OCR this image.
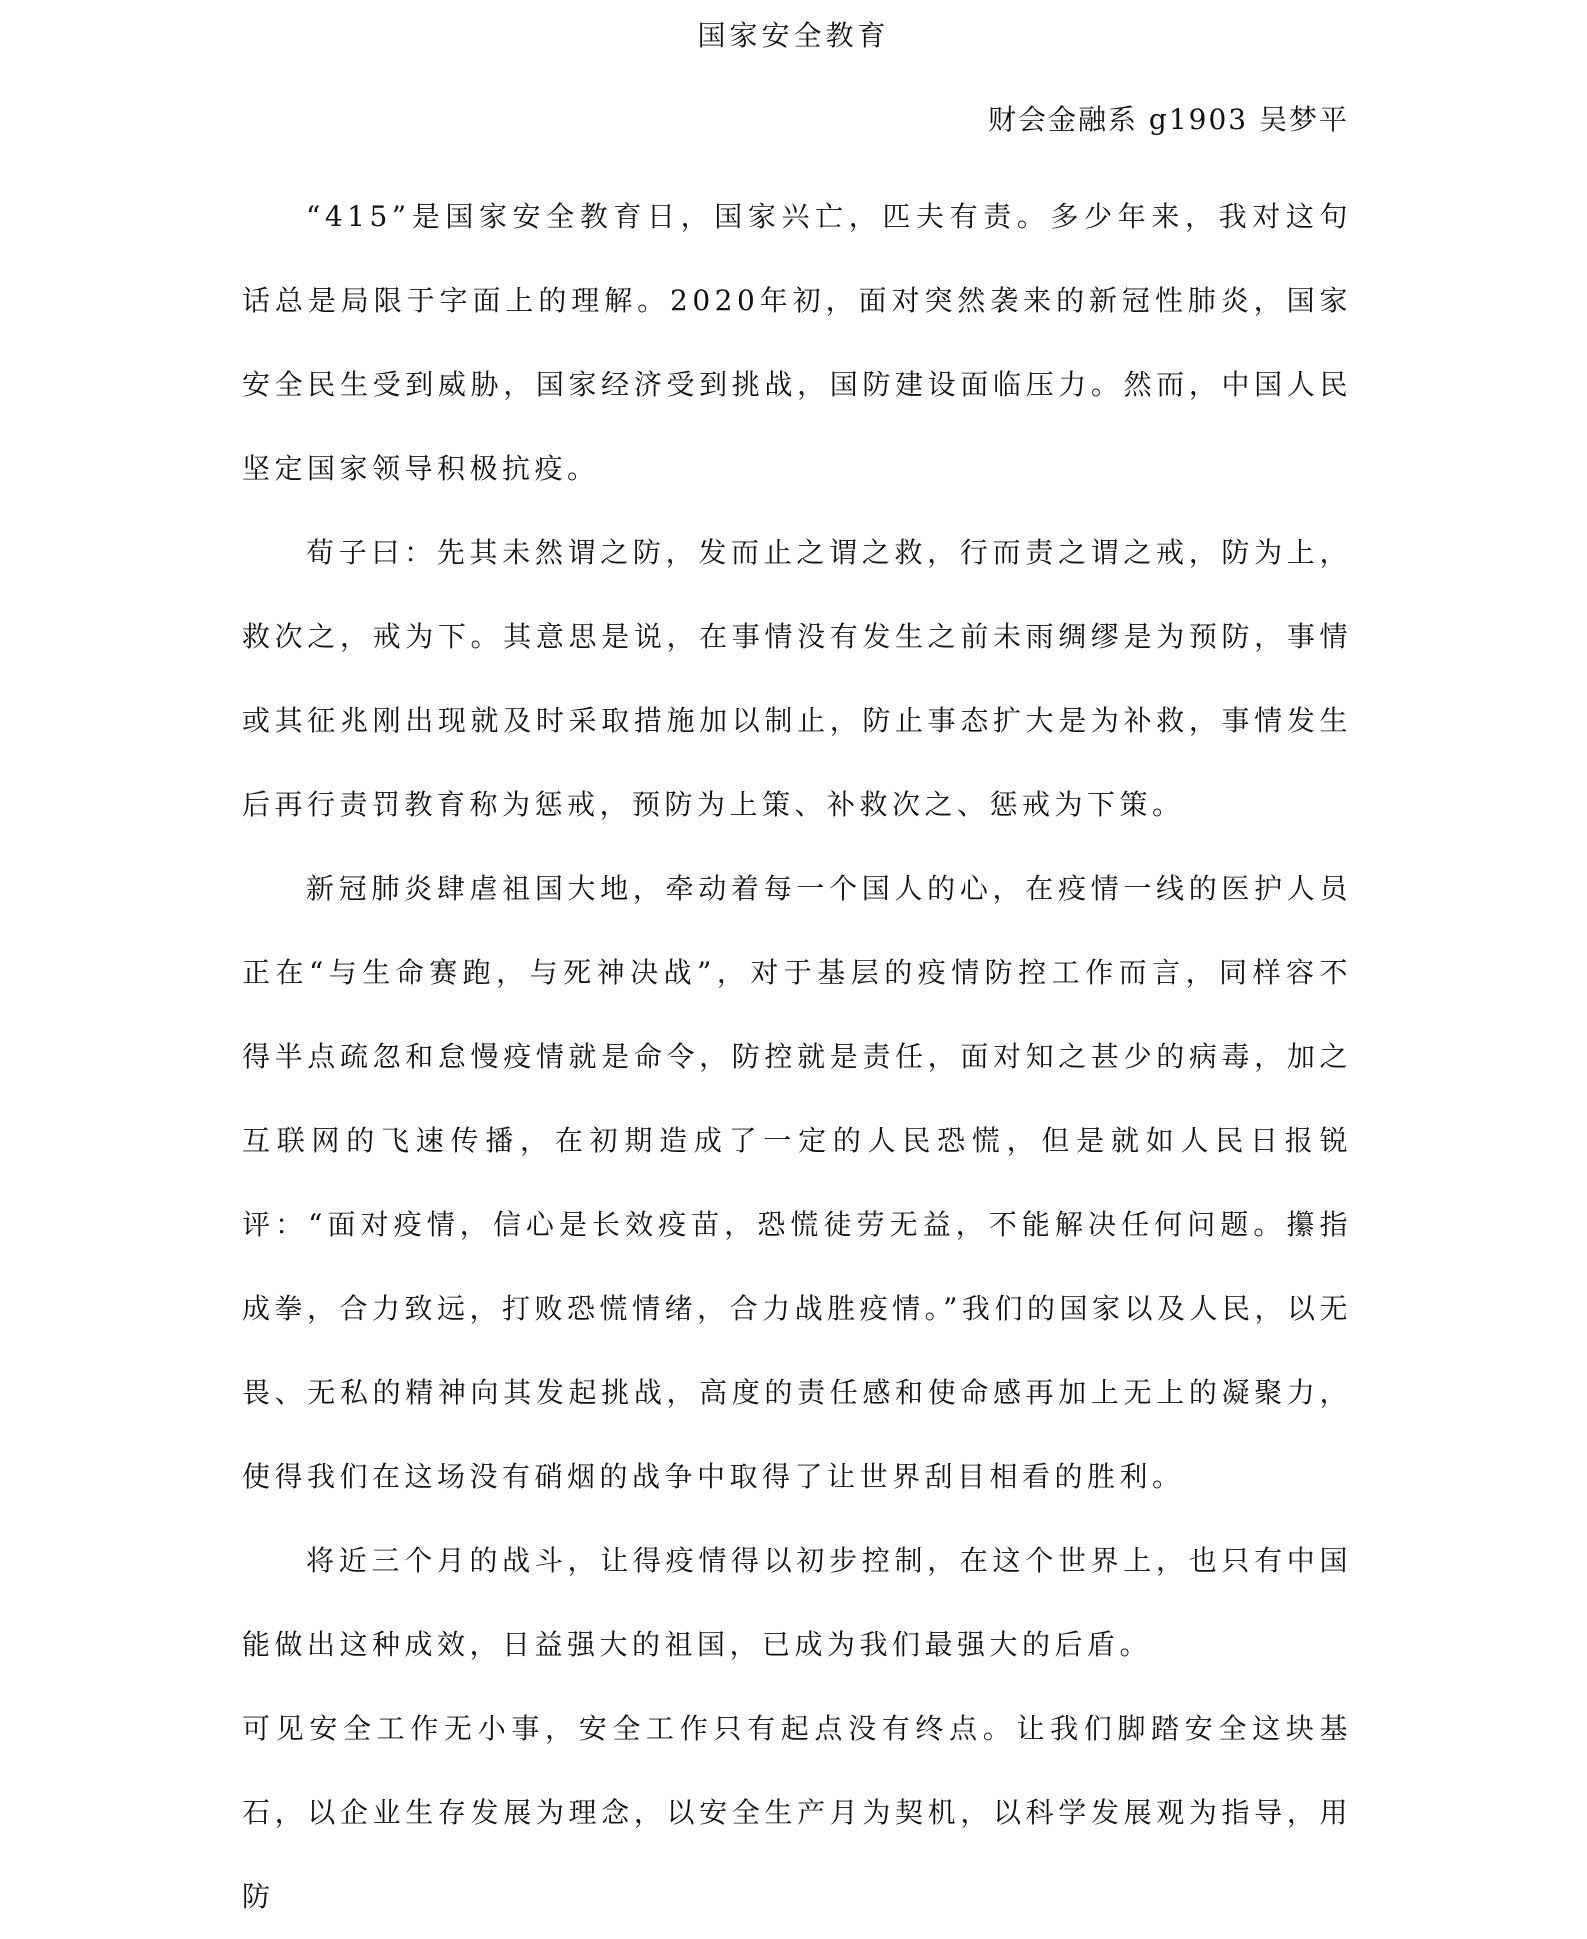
国家安全教育
财会金融系 g1903 吴梦平

“415”是国家安全教育日，国家兴亡，匹夫有责。多少年来，我对这句话总是局限于字面上的理解。2020年初，面对突然袭来的新冠性肺炎，国家安全民生受到威胁，国家经济受到挑战，国防建设面临压力。然而，中国人民坚定国家领导积极抗疫。

荀子曰：先其未然谓之防，发而止之谓之救，行而责之谓之戒，防为上，救次之，戒为下。其意思是说，在事情没有发生之前未雨绸缪是为预防，事情或其征兆刚出现就及时采取措施加以制止，防止事态扩大是为补救，事情发生后再行责罚教育称为惩戒，预防为上策、补救次之、惩戒为下策。

新冠肺炎肆虐祖国大地，牵动着每一个国人的心，在疫情一线的医护人员正在“与生命赛跑，与死神决战”，对于基层的疫情防控工作而言，同样容不得半点疏忽和怠慢疫情就是命令，防控就是责任，面对知之甚少的病毒，加之互联网的飞速传播，在初期造成了一定的人民恐慌，但是就如人民日报锐评：“面对疫情，信心是长效疫苗，恐慌徒劳无益，不能解决任何问题。攥指成拳，合力致远，打败恐慌情绪，合力战胜疫情。”我们的国家以及人民，以无畏、无私的精神向其发起挑战，高度的责任感和使命感再加上无上的凝聚力，使得我们在这场没有硝烟的战争中取得了让世界刮目相看的胜利。

将近三个月的战斗，让得疫情得以初步控制，在这个世界上，也只有中国能做出这种成效，日益强大的祖国，已成为我们最强大的后盾。

可见安全工作无小事，安全工作只有起点没有终点。让我们脚踏安全这块基石，以企业生存发展为理念，以安全生产月为契机，以科学发展观为指导，用防
